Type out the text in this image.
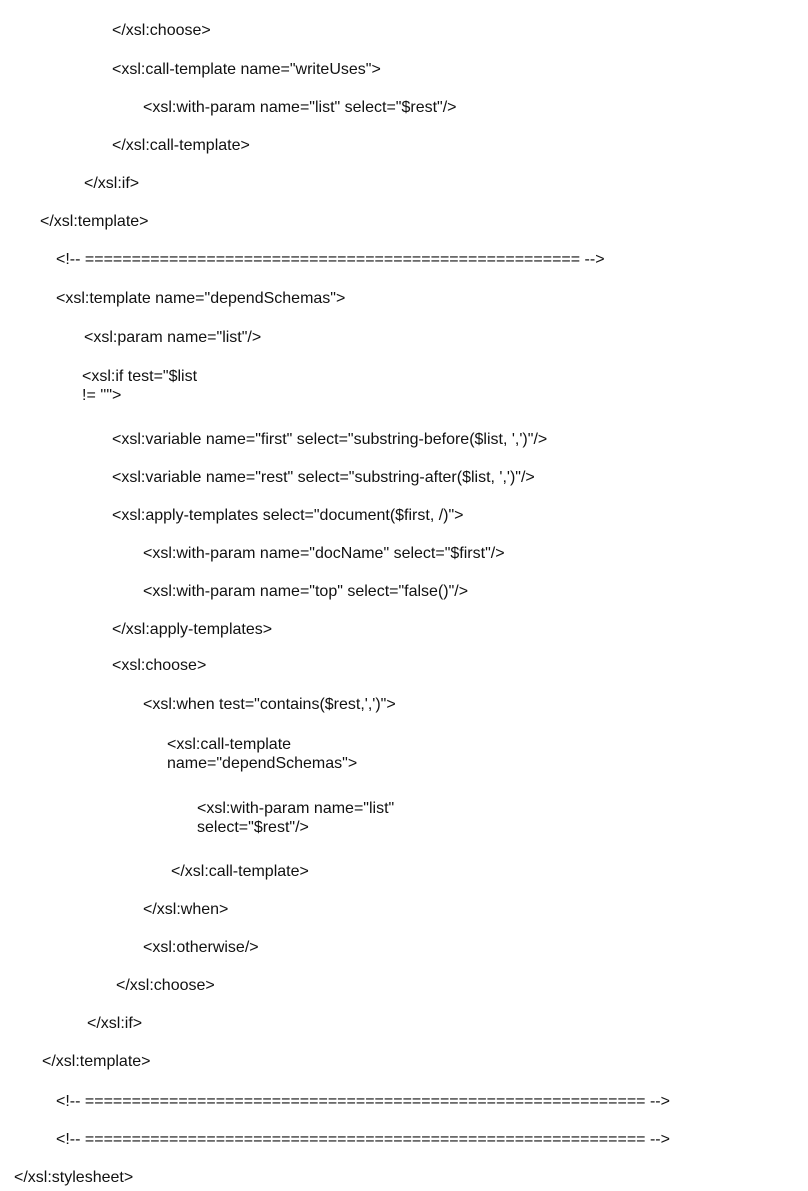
</xsl:choose>

<xsl:call-template name="writeUses">

<xsl:with-param name="list" select="$rest"/>

</xsl:call-template>

</xsl:if>

</xsl:template>

<!-- ===================================================== -->

<xsl:template name="dependSchemas">

<xsl:param name="list"/>

<xsl:if test="$list
!= ''">

<xsl:variable name="first" select="substring-before($list, ',')"/>

<xsl:variable name="rest" select="substring-after($list, ',')"/>

<xsl:apply-templates select="document($first, /)">

<xsl:with-param name="docName" select="$first"/>

<xsl:with-param name="top" select="false()"/>

</xsl:apply-templates>

<xsl:choose>

<xsl:when test="contains($rest,',')">

<xsl:call-template
name="dependSchemas">

<xsl:with-param name="list"
select="$rest"/>

</xsl:call-template>

</xsl:when>

<xsl:otherwise/>

</xsl:choose>

</xsl:if>

</xsl:template>

<!-- ============================================================ -->

<!-- ============================================================ -->

</xsl:stylesheet>
